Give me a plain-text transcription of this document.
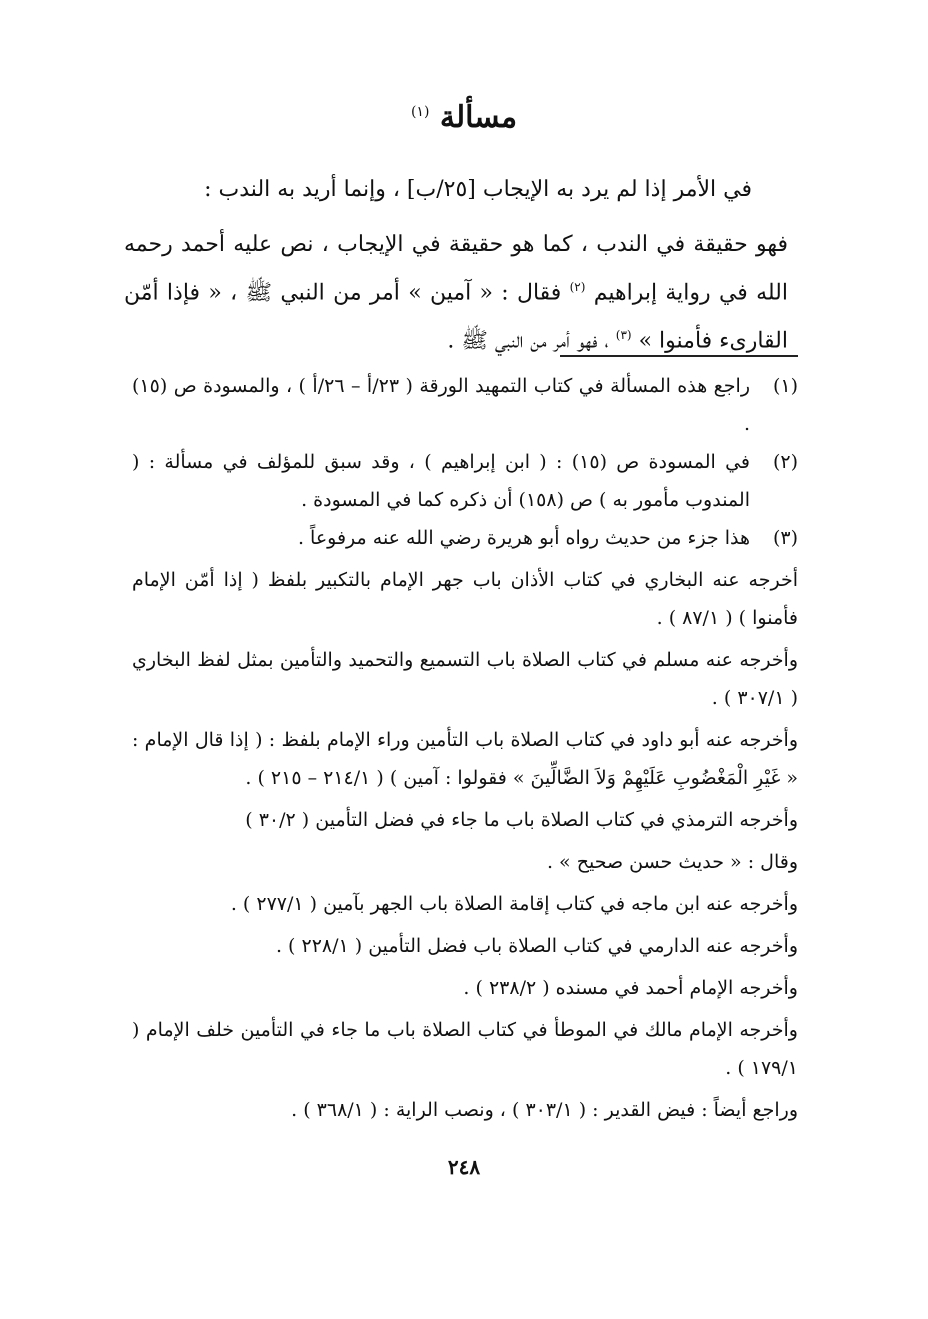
مسألة $^{(١)}$

في الأمر إذا لم يرد به الإيجاب [٢٥/ب] ، وإنما أريد به الندب :

فهو حقيقة في الندب ، كما هو حقيقة في الإيجاب ، نص عليه أحمد رحمه الله في رواية إبراهيم $^{(٢)}$ فقال : « آمين » أمر من النبي ﷺ ، « فإذا أمّن القارىء فأمنوا » $^{(٣)}$ ، فهو أمر من النبي ﷺ .

(١)
راجع هذه المسألة في كتاب التمهيد الورقة ( ٢٣/أ – ٢٦/أ ) ، والمسودة ص (١٥) .
(٢)
في المسودة ص (١٥) : ( ابن إبراهيم ) ، وقد سبق للمؤلف في مسألة : ( المندوب مأمور به ) ص (١٥٨) أن ذكره كما في المسودة .
(٣)
هذا جزء من حديث رواه أبو هريرة رضي الله عنه مرفوعاً .
أخرجه عنه البخاري في كتاب الأذان باب جهر الإمام بالتكبير بلفظ ( إذا أمّن الإمام فأمنوا ) ( ٨٧/١ ) .
وأخرجه عنه مسلم في كتاب الصلاة باب التسميع والتحميد والتأمين بمثل لفظ البخاري ( ٣٠٧/١ ) .
وأخرجه عنه أبو داود في كتاب الصلاة باب التأمين وراء الإمام بلفظ : ( إذا قال الإمام : « غَيْرِ الْمَغْضُوبِ عَلَيْهِمْ وَلاَ الضَّالِّينَ » فقولوا : آمين ) ( ٢١٤/١ – ٢١٥ ) .
وأخرجه الترمذي في كتاب الصلاة باب ما جاء في فضل التأمين ( ٣٠/٢ )
وقال : « حديث حسن صحيح » .
وأخرجه عنه ابن ماجه في كتاب إقامة الصلاة باب الجهر بآمين ( ٢٧٧/١ ) .
وأخرجه عنه الدارمي في كتاب الصلاة باب فضل التأمين ( ٢٢٨/١ ) .
وأخرجه الإمام أحمد في مسنده ( ٢٣٨/٢ ) .
وأخرجه الإمام مالك في الموطأ في كتاب الصلاة باب ما جاء في التأمين خلف الإمام ( ١٧٩/١ ) .
وراجع أيضاً : فيض القدير : ( ٣٠٣/١ ) ، ونصب الراية : ( ٣٦٨/١ ) .
٢٤٨
